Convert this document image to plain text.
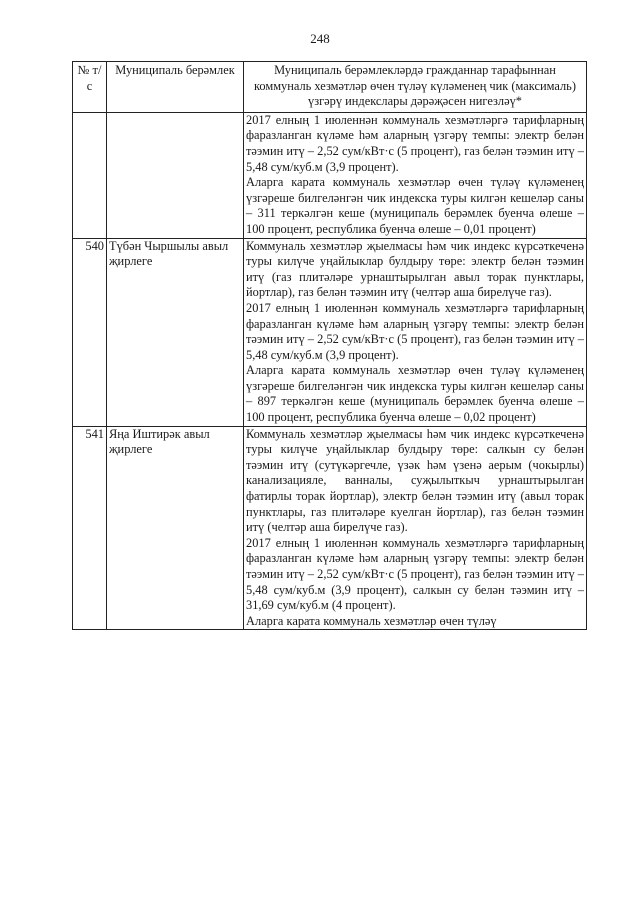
248
№ т/с	Муниципаль берәмлек	Муниципаль берәмлекләрдә гражданнар тарафыннан коммуналь хезмәтләр өчен түләү күләменең чик (максималь) үзгәрү индекслары дәрәҗәсен нигезләү*

		2017 елның 1 июленнән коммуналь хезмәтләргә тарифларның фаразланган күләме һәм аларның үзгәрү темпы: электр белән тәэмин итү – 2,52 сум/кВт·с (5 процент), газ белән тәэмин итү – 5,48 сум/куб.м (3,9 процент).

Аларга карата коммуналь хезмәтләр өчен түләү күләменең үзгәреше билгеләнгән чик индекска туры килгән кешеләр саны – 311 теркәлгән кеше (муниципаль берәмлек буенча өлеше – 100 процент, республика буенча өлеше – 0,01 процент)

540	Түбән Чыршылы авыл җирлеге	Коммуналь хезмәтләр җыелмасы һәм чик индекс күрсәткеченә туры килүче уңайлыклар булдыру төре: электр белән тәэмин итү (газ плитәләре урнаштырылган авыл торак пунктлары, йортлар), газ белән тәэмин итү (челтәр аша бирелүче газ).

2017 елның 1 июленнән коммуналь хезмәтләргә тарифларның фаразланган күләме һәм аларның үзгәрү темпы: электр белән тәэмин итү – 2,52 сум/кВт·с (5 процент), газ белән тәэмин итү – 5,48 сум/куб.м (3,9 процент).

Аларга карата коммуналь хезмәтләр өчен түләү күләменең үзгәреше билгеләнгән чик индекска туры килгән кешеләр саны – 897 теркәлгән кеше (муниципаль берәмлек буенча өлеше – 100 процент, республика буенча өлеше – 0,02 процент)

541	Яңа Иштирәк авыл җирлеге	Коммуналь хезмәтләр җыелмасы һәм чик индекс күрсәткеченә туры килүче уңайлыклар булдыру төре: салкын су белән тәэмин итү (сутүкәргечле, үзәк һәм үзенә аерым (чокырлы) канализацияле, ванналы, суҗылыткыч урнаштырылган фатирлы торак йортлар), электр белән тәэмин итү (авыл торак пунктлары, газ плитәләре куелган йортлар), газ белән тәэмин итү (челтәр аша бирелүче газ).

2017 елның 1 июленнән коммуналь хезмәтләргә тарифларның фаразланган күләме һәм аларның үзгәрү темпы: электр белән тәэмин итү – 2,52 сум/кВт·с (5 процент), газ белән тәэмин итү – 5,48 сум/куб.м (3,9 процент), салкын су белән тәэмин итү – 31,69 сум/куб.м (4 процент).

Аларга карата коммуналь хезмәтләр өчен түләү
